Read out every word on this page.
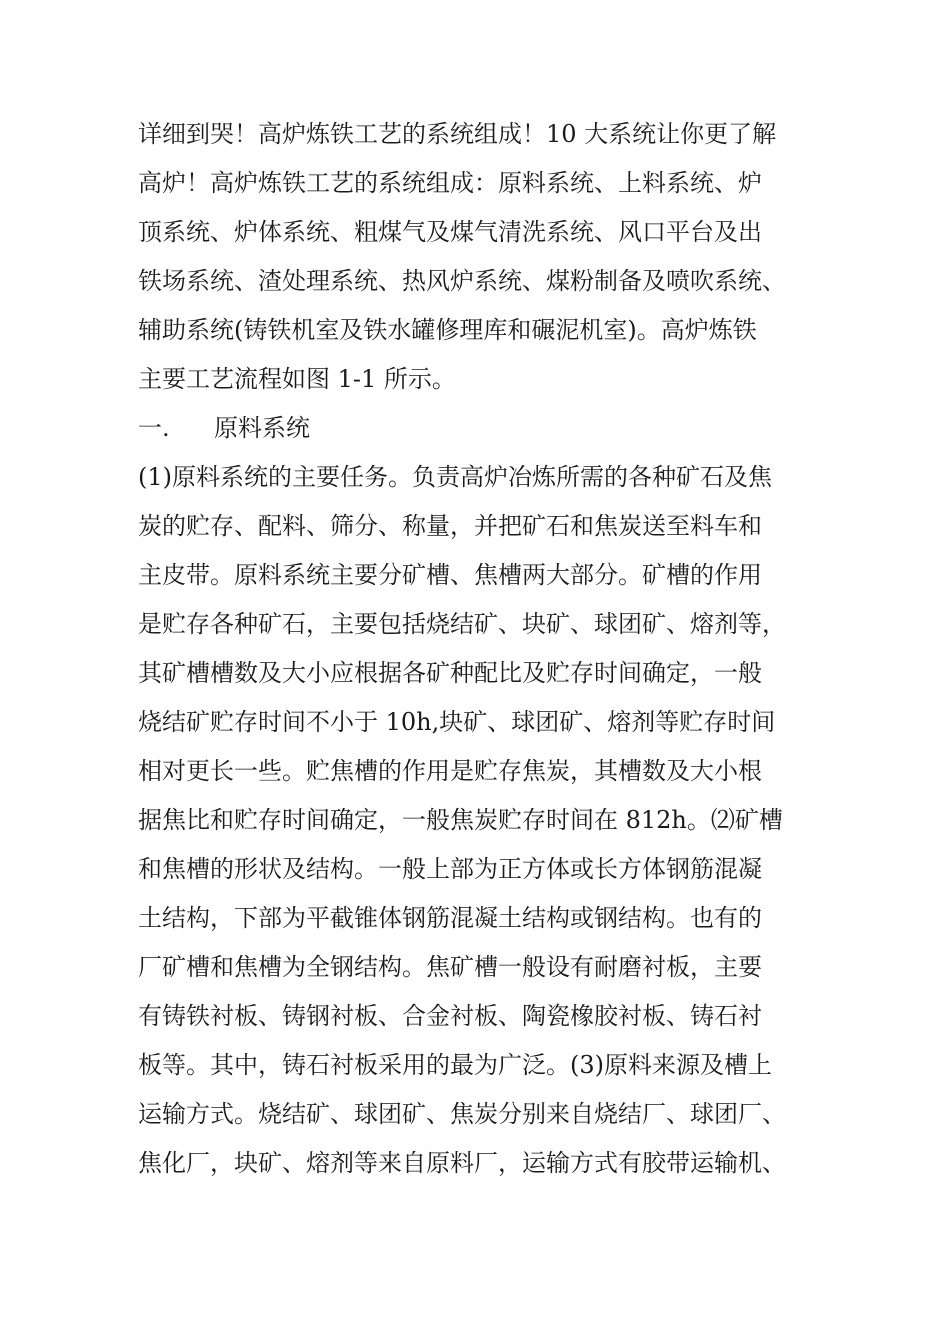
详细到哭！高炉炼铁工艺的系统组成！10 大系统让你更了解
高炉！高炉炼铁工艺的系统组成：原料系统、上料系统、炉
顶系统、炉体系统、粗煤气及煤气清洗系统、风口平台及出
铁场系统、渣处理系统、热风炉系统、煤粉制备及喷吹系统、
辅助系统(铸铁机室及铁水罐修理库和碾泥机室)。高炉炼铁
主要工艺流程如图 1-1 所示。
一. 原料系统
(1)原料系统的主要任务。负责高炉冶炼所需的各种矿石及焦
炭的贮存、配料、筛分、称量，并把矿石和焦炭送至料车和
主皮带。原料系统主要分矿槽、焦槽两大部分。矿槽的作用
是贮存各种矿石，主要包括烧结矿、块矿、球团矿、熔剂等，
其矿槽槽数及大小应根据各矿种配比及贮存时间确定，一般
烧结矿贮存时间不小于 10h,块矿、球团矿、熔剂等贮存时间
相对更长一些。贮焦槽的作用是贮存焦炭，其槽数及大小根
据焦比和贮存时间确定，一般焦炭贮存时间在 812h。⑵矿槽
和焦槽的形状及结构。一般上部为正方体或长方体钢筋混凝
土结构，下部为平截锥体钢筋混凝土结构或钢结构。也有的
厂矿槽和焦槽为全钢结构。焦矿槽一般设有耐磨衬板，主要
有铸铁衬板、铸钢衬板、合金衬板、陶瓷橡胶衬板、铸石衬
板等。其中，铸石衬板采用的最为广泛。(3)原料来源及槽上
运输方式。烧结矿、球团矿、焦炭分别来自烧结厂、球团厂、
焦化厂，块矿、熔剂等来自原料厂，运输方式有胶带运输机、
